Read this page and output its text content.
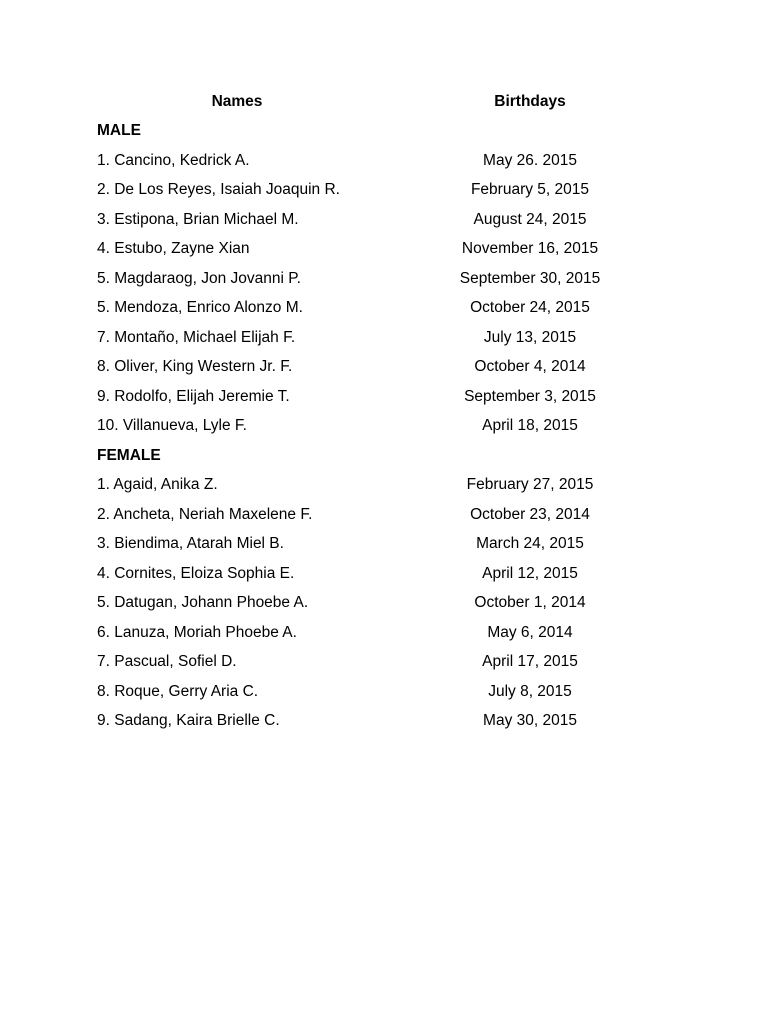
Names	Birthdays
MALE
1. Cancino, Kedrick A.	May 26. 2015
2. De Los Reyes, Isaiah Joaquin R.	February 5, 2015
3. Estipona, Brian Michael M.	August 24, 2015
4. Estubo, Zayne Xian	November 16, 2015
5. Magdaraog, Jon Jovanni P.	September 30, 2015
5. Mendoza, Enrico Alonzo M.	October 24, 2015
7. Montaño, Michael Elijah F.	July 13, 2015
8. Oliver, King Western Jr. F.	October 4, 2014
9. Rodolfo, Elijah Jeremie T.	September 3, 2015
10. Villanueva, Lyle F.	April 18, 2015
FEMALE
1. Agaid, Anika Z.	February 27, 2015
2. Ancheta, Neriah Maxelene F.	October 23, 2014
3. Biendima, Atarah Miel B.	March 24, 2015
4. Cornites, Eloiza Sophia E.	April 12, 2015
5. Datugan, Johann Phoebe A.	October 1, 2014
6. Lanuza, Moriah Phoebe A.	May 6, 2014
7. Pascual, Sofiel D.	April 17, 2015
8. Roque, Gerry Aria C.	July 8, 2015
9. Sadang, Kaira Brielle C.	May 30, 2015
